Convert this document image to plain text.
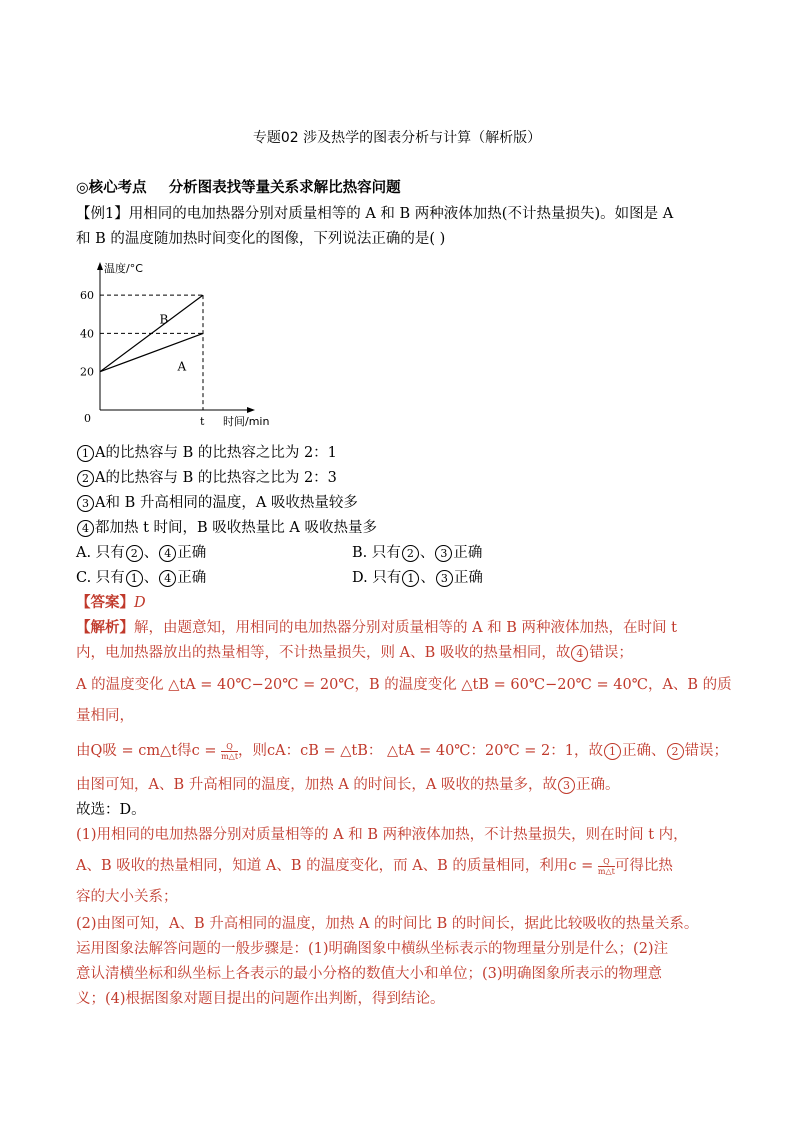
专题02 涉及热学的图表分析与计算（解析版）
◎核心考点 分析图表找等量关系求解比热容问题
【例1】用相同的电加热器分别对质量相等的 A 和 B 两种液体加热(不计热量损失)。如图是 A
和 B 的温度随加热时间变化的图像，下列说法正确的是( )
A
B
20
40
60
0	t
温度/°C
时间/min
1 A的比热容与 B 的比热容之比为 2：1
2 A的比热容与 B 的比热容之比为 2：3
3 A和 B 升高相同的温度，A 吸收热量较多
4 都加热 t 时间，B 吸收热量比 A 吸收热量多
A. 只有 2 、 4 正确	B. 只有 2 、 3 正确
C. 只有 1 、 4 正确	D. 只有 1 、 3 正确
【答案】D
【解析】解，由题意知，用相同的电加热器分别对质量相等的 A 和 B 两种液体加热，在时间 t
内，电加热器放出的热量相等，不计热量损失，则 A、B 吸收的热量相同，故 4 错误；
A 的温度变化 △tA = 40℃−20℃ = 20℃，B 的温度变化 △tB = 60℃−20℃ = 40℃，A、B 的质
量相同，
由Q吸 = cm△t得$c = \frac{Q}{m\triangle t}$ ，则cA：cB = △tB： △tA = 40℃：20℃ = 2：1，故 1 正确、 2 错误；
由图可知，A、B 升高相同的温度，加热 A 的时间长，A 吸收的热量多，故 3 正确。
故选：D。
(1)用相同的电加热器分别对质量相等的 A 和 B 两种液体加热，不计热量损失，则在时间 t 内，
A、B 吸收的热量相同，知道 A、B 的温度变化，而 A、B 的质量相同，利用$c = \frac{Q}{m\triangle t}$ 可得比热
容的大小关系；
(2)由图可知，A、B 升高相同的温度，加热 A 的时间比 B 的时间长，据此比较吸收的热量关系。
运用图象法解答问题的一般步骤是：(1)明确图象中横纵坐标表示的物理量分别是什么；(2)注
意认清横坐标和纵坐标上各表示的最小分格的数值大小和单位；(3)明确图象所表示的物理意
义；(4)根据图象对题目提出的问题作出判断，得到结论。
